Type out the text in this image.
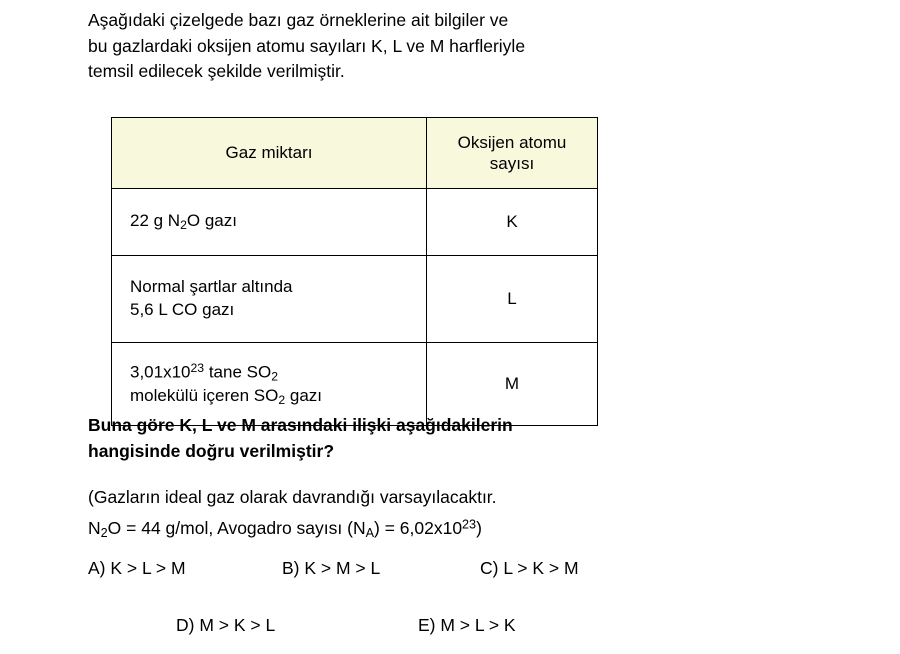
Aşağıdaki çizelgede bazı gaz örneklerine ait bilgiler ve
bu gazlardaki oksijen atomu sayıları K, L ve M harfleriyle
temsil edilecek şekilde verilmiştir.
Gaz miktarı	Oksijen atomu
sayısı
22 g $N_2O$ gazı	K
Normal şartlar altında
5,6 L CO gazı	L
$3,01x10^{23}$ tane $SO_2$
molekülü içeren $SO_2$ gazı	M
Buna göre K, L ve M arasındaki ilişki aşağıdakilerin
hangisinde doğru verilmiştir?
(Gazların ideal gaz olarak davrandığı varsayılacaktır.
$N_2O = 44$ g/mol, Avogadro sayısı $(N_A) = 6,02x10^{23}$)
A) K > L > M	B) K > M > L	C) L > K > M
D) M > K > L	E) M > L > K
